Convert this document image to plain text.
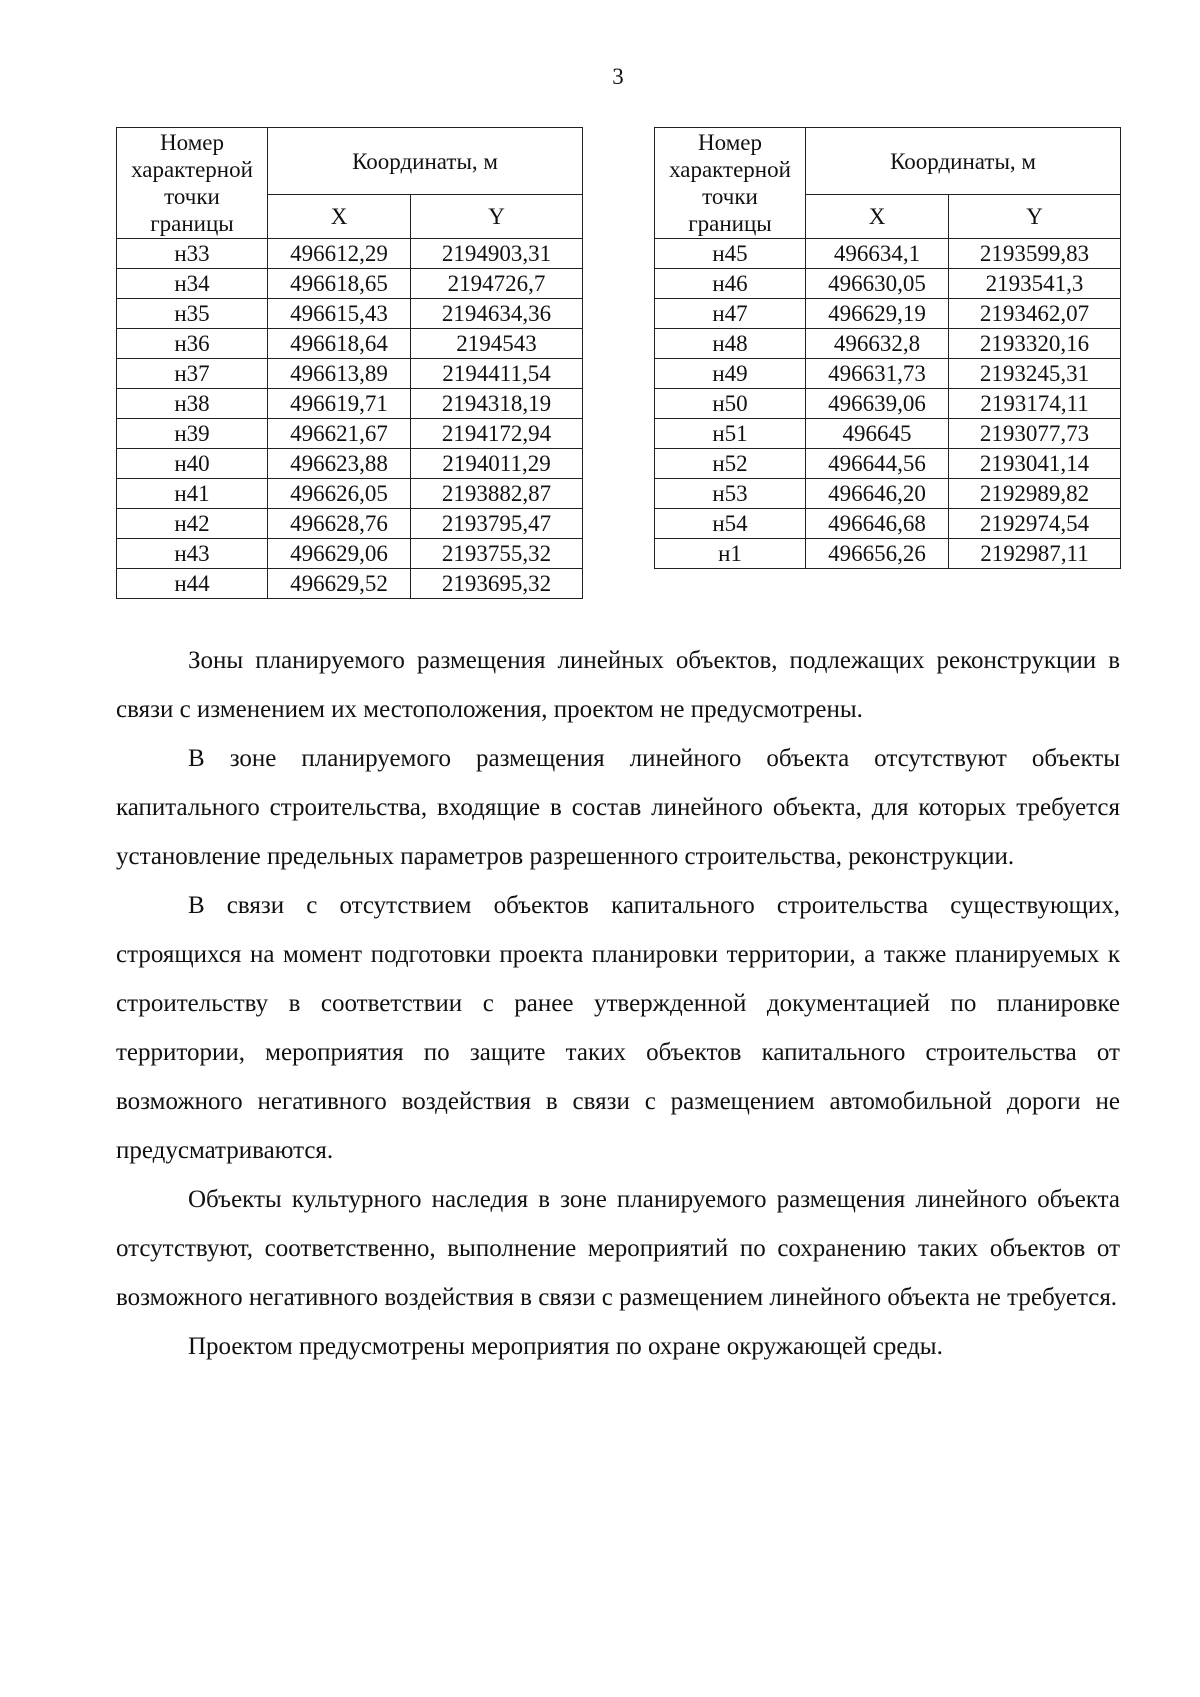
3
Номер
характерной
точки
границы	Координаты, м	
	X	Y
н33	496612,29	2194903,31
н34	496618,65	2194726,7
н35	496615,43	2194634,36
н36	496618,64	2194543
н37	496613,89	2194411,54
н38	496619,71	2194318,19
н39	496621,67	2194172,94
н40	496623,88	2194011,29
н41	496626,05	2193882,87
н42	496628,76	2193795,47
н43	496629,06	2193755,32
н44	496629,52	2193695,32
Номер
характерной
точки
границы	Координаты, м	
	X	Y
н45	496634,1	2193599,83
н46	496630,05	2193541,3
н47	496629,19	2193462,07
н48	496632,8	2193320,16
н49	496631,73	2193245,31
н50	496639,06	2193174,11
н51	496645	2193077,73
н52	496644,56	2193041,14
н53	496646,20	2192989,82
н54	496646,68	2192974,54
н1	496656,26	2192987,11

Зоны планируемого размещения линейных объектов, подлежащих реконструкции в связи с изменением их местоположения, проектом не предусмотрены.

В зоне планируемого размещения линейного объекта отсутствуют объекты капитального строительства, входящие в состав линейного объекта, для которых требуется установление предельных параметров разрешенного строительства, реконструкции.

В связи с отсутствием объектов капитального строительства существующих, строящихся на момент подготовки проекта планировки территории, а также планируемых к строительству в соответствии с ранее утвержденной документацией по планировке территории, мероприятия по защите таких объектов капитального строительства от возможного негативного воздействия в связи с размещением автомобильной дороги не предусматриваются.

Объекты культурного наследия в зоне планируемого размещения линейного объекта отсутствуют, соответственно, выполнение мероприятий по сохранению таких объектов от возможного негативного воздействия в связи с размещением линейного объекта не требуется.

Проектом предусмотрены мероприятия по охране окружающей среды.
